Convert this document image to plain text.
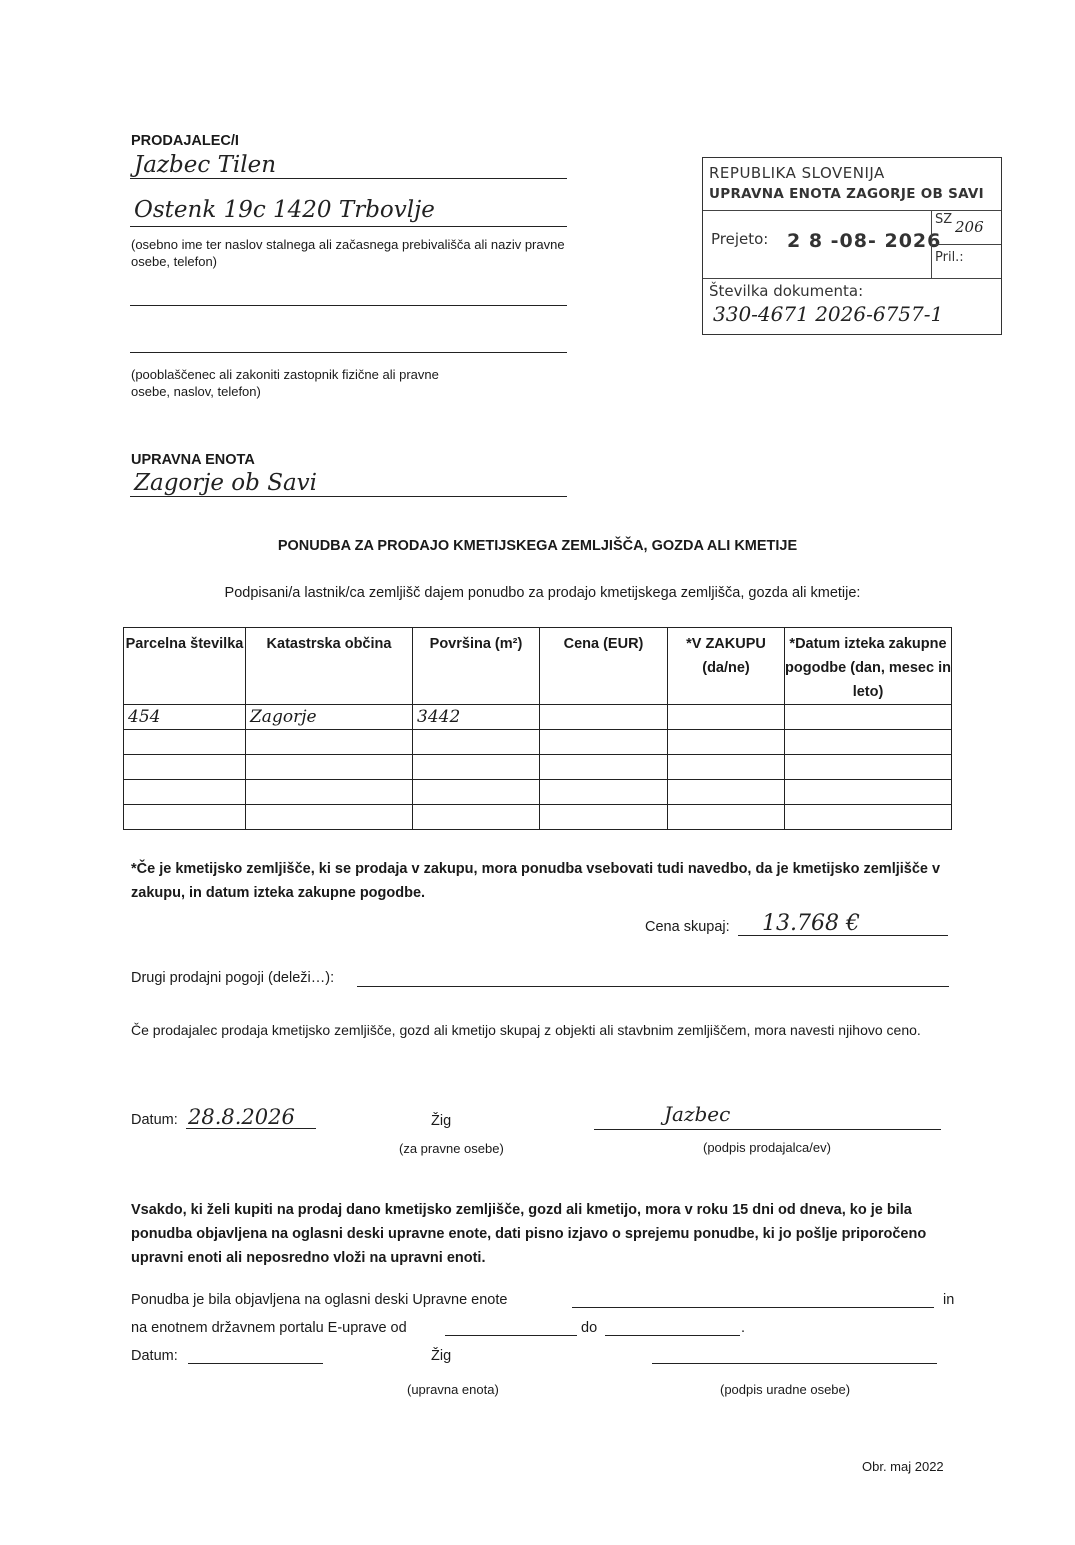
PRODAJALEC/I
Jazbec Tilen
Ostenk 19c 1420 Trbovlje
(osebno ime ter naslov stalnega ali začasnega prebivališča ali naziv pravne osebe, telefon)
(pooblaščenec ali zakoniti zastopnik fizične ali pravne osebe, naslov, telefon)
UPRAVNA ENOTA
Zagorje ob Savi
REPUBLIKA SLOVENIJA
UPRAVNA ENOTA ZAGORJE OB SAVI
Prejeto: 2 8 -08- 2026
SZ 206
Pril.:
Številka dokumenta:
330-4671 2026-6757-1
PONUDBA ZA PRODAJO KMETIJSKEGA ZEMLJIŠČA, GOZDA ALI KMETIJE
Podpisani/a lastnik/ca zemljišč dajem ponudbo za prodajo kmetijskega zemljišča, gozda ali kmetije:
Parcelna številka	Katastrska občina	Površina (m²)	Cena (EUR)	*V ZAKUPU (da/ne)	*Datum izteka zakupne pogodbe (dan, mesec in leto)
454	Zagorje	3442			

*Če je kmetijsko zemljišče, ki se prodaja v zakupu, mora ponudba vsebovati tudi navedbo, da je kmetijsko zemljišče v zakupu, in datum izteka zakupne pogodbe.
Cena skupaj: 13.768 €
Drugi prodajni pogoji (deleži…):
Če prodajalec prodaja kmetijsko zemljišče, gozd ali kmetijo skupaj z objekti ali stavbnim zemljiščem, mora navesti njihovo ceno.
Datum: 28.8.2026	Žig
(za pravne osebe)
Jazbec
(podpis prodajalca/ev)
Vsakdo, ki želi kupiti na prodaj dano kmetijsko zemljišče, gozd ali kmetijo, mora v roku 15 dni od dneva, ko je bila ponudba objavljena na oglasni deski upravne enote, dati pisno izjavo o sprejemu ponudbe, ki jo pošlje priporočeno upravni enoti ali neposredno vloži na upravni enoti.
Ponudba je bila objavljena na oglasni deski Upravne enote	in
na enotnem državnem portalu E-uprave od	do	.
Datum:	Žig
(upravna enota)	(podpis uradne osebe)
Obr. maj 2022
